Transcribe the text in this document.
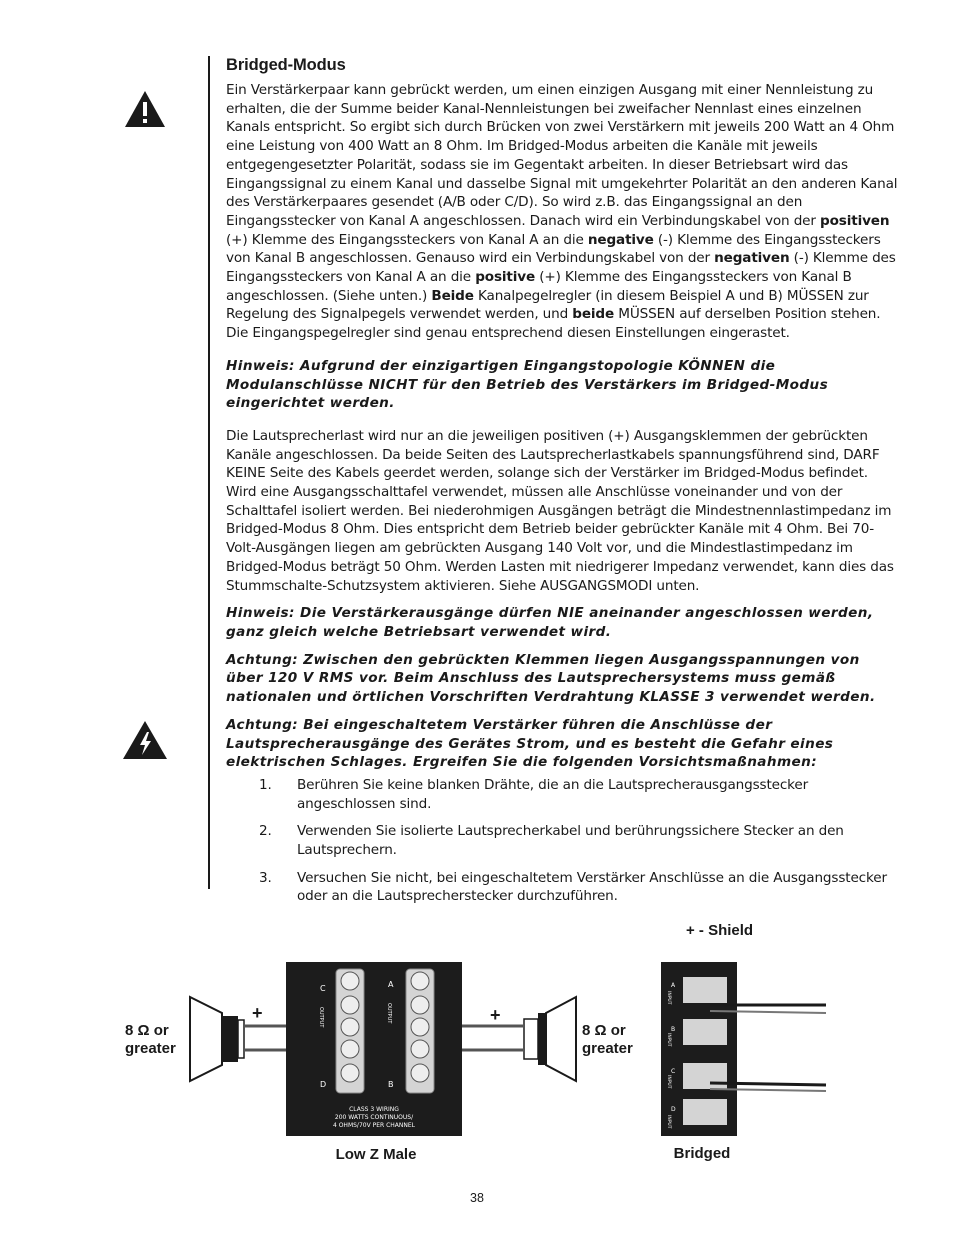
Bridged-Modus

Ein Verstärkerpaar kann gebrückt werden, um einen einzigen Ausgang mit einer Nennleistung zu erhalten, die der Summe beider Kanal-Nennleistungen bei zweifacher Nennlast eines einzelnen Kanals entspricht. So ergibt sich durch Brücken von zwei Verstärkern mit jeweils 200 Watt an 4 Ohm eine Leistung von 400 Watt an 8 Ohm. Im Bridged-Modus arbeiten die Kanäle mit jeweils entgegengesetzter Polarität, sodass sie im Gegentakt arbeiten. In dieser Betriebsart wird das Eingangssignal zu einem Kanal und dasselbe Signal mit umgekehrter Polarität an den anderen Kanal des Verstärkerpaares gesendet (A/B oder C/D). So wird z.B. das Eingangssignal an den Eingangsstecker von Kanal A angeschlossen. Danach wird ein Verbindungskabel von der positiven (+) Klemme des Eingangssteckers von Kanal A an die negative (-) Klemme des Eingangssteckers von Kanal B angeschlossen. Genauso wird ein Verbindungskabel von der negativen (-) Klemme des Eingangssteckers von Kanal A an die positive (+) Klemme des Eingangssteckers von Kanal B angeschlossen. (Siehe unten.) Beide Kanalpegelregler (in diesem Beispiel A und B) MÜSSEN zur Regelung des Signalpegels verwendet werden, und beide MÜSSEN auf derselben Position stehen. Die Eingangspegelregler sind genau entsprechend diesen Einstellungen eingerastet.

Hinweis: Aufgrund der einzigartigen Eingangstopologie KÖNNEN die Modulanschlüsse NICHT für den Betrieb des Verstärkers im Bridged-Modus eingerichtet werden.

Die Lautsprecherlast wird nur an die jeweiligen positiven (+) Ausgangsklemmen der gebrückten Kanäle angeschlossen. Da beide Seiten des Lautsprecherlastkabels spannungsführend sind, DARF KEINE Seite des Kabels geerdet werden, solange sich der Verstärker im Bridged-Modus befindet. Wird eine Ausgangsschalttafel verwendet, müssen alle Anschlüsse voneinander und von der Schalttafel isoliert werden. Bei niederohmigen Ausgängen beträgt die Mindestnennlastimpedanz im Bridged-Modus 8 Ohm. Dies entspricht dem Betrieb beider gebrückter Kanäle mit 4 Ohm. Bei 70-Volt-Ausgängen liegen am gebrückten Ausgang 140 Volt vor, und die Mindestlastimpedanz im Bridged-Modus beträgt 50 Ohm. Werden Lasten mit niedrigerer Impedanz verwendet, kann dies das Stummschalte-Schutzsystem aktivieren. Siehe AUSGANGSMODI unten.

Hinweis: Die Verstärkerausgänge dürfen NIE aneinander angeschlossen werden, ganz gleich welche Betriebsart verwendet wird.

Achtung: Zwischen den gebrückten Klemmen liegen Ausgangsspannungen von über 120 V RMS vor. Beim Anschluss des Lautsprechersystems muss gemäß nationalen und örtlichen Vorschriften Verdrahtung KLASSE 3 verwendet werden.

Achtung: Bei eingeschaltetem Verstärker führen die Anschlüsse der Lautsprecherausgänge des Gerätes Strom, und es besteht die Gefahr eines elektrischen Schlages. Ergreifen Sie die folgenden Vorsichtsmaßnahmen:

1. Berühren Sie keine blanken Drähte, die an die Lautsprecherausgangsstecker angeschlossen sind.
2. Verwenden Sie isolierte Lautsprecherkabel und berührungssichere Stecker an den Lautsprechern.
3. Versuchen Sie nicht, bei eingeschaltetem Verstärker Anschlüsse an die Ausgangsstecker oder an die Lautsprecherstecker durchzuführen.
8 Ω or
greater
+
8 Ω or
greater
+
C
D
A
B
OUTPUT	OUTPUT
CLASS 3 WIRING
200 WATTS CONTINUOUS/
4 OHMS/70V PER CHANNEL
Low Z Male
+ - Shield
A
B
C
D
INPUT
INPUT
INPUT
INPUT
Bridged
38
